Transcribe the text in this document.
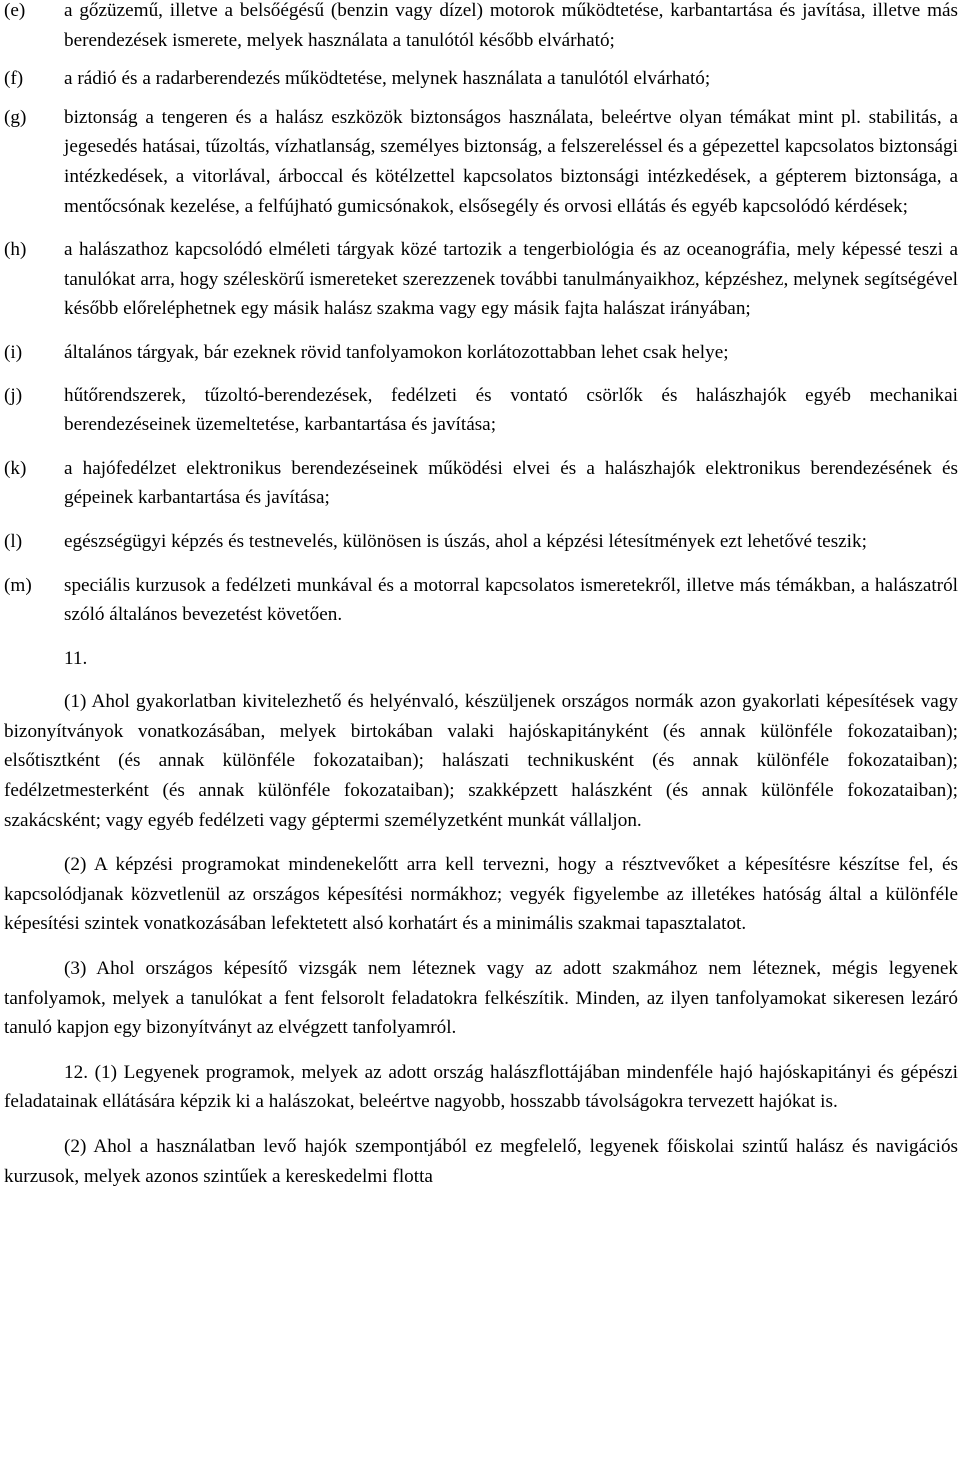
(e)	a gőzüzemű, illetve a belsőégésű (benzin vagy dízel) motorok működtetése, karbantartása és javítása, illetve más berendezések ismerete, melyek használata a tanulótól később elvárható;
(f)	a rádió és a radarberendezés működtetése, melynek használata a tanulótól elvárható;
(g)	biztonság a tengeren és a halász eszközök biztonságos használata, beleértve olyan témákat mint pl. stabilitás, a jegesedés hatásai, tűzoltás, vízhatlanság, személyes biztonság, a felszereléssel és a gépezettel kapcsolatos biztonsági intézkedések, a vitorlával, árboccal és kötélzettel kapcsolatos biztonsági intézkedések, a gépterem biztonsága, a mentőcsónak kezelése, a felfújható gumicsónakok, elsősegély és orvosi ellátás és egyéb kapcsolódó kérdések;
(h)	a halászathoz kapcsolódó elméleti tárgyak közé tartozik a tengerbiológia és az oceanográfia, mely képessé teszi a tanulókat arra, hogy széleskörű ismereteket szerezzenek további tanulmányaikhoz, képzéshez, melynek segítségével később előreléphetnek egy másik halász szakma vagy egy másik fajta halászat irányában;
(i)	általános tárgyak, bár ezeknek rövid tanfolyamokon korlátozottabban lehet csak helye;
(j)	hűtőrendszerek, tűzoltó-berendezések, fedélzeti és vontató csörlők és halászhajók egyéb mechanikai berendezéseinek üzemeltetése, karbantartása és javítása;
(k)	a hajófedélzet elektronikus berendezéseinek működési elvei és a halászhajók elektronikus berendezésének és gépeinek karbantartása és javítása;
(l)	egészségügyi képzés és testnevelés, különösen is úszás, ahol a képzési létesítmények ezt lehetővé teszik;
(m)	speciális kurzusok a fedélzeti munkával és a motorral kapcsolatos ismeretekről, illetve más témákban, a halászatról szóló általános bevezetést követően.
11.

(1) Ahol gyakorlatban kivitelezhető és helyénvaló, készüljenek országos normák azon gyakorlati képesítések vagy bizonyítványok vonatkozásában, melyek birtokában valaki hajóskapitányként (és annak különféle fokozataiban); elsőtisztként (és annak különféle fokozataiban); halászati technikusként (és annak különféle fokozataiban); fedélzetmesterként (és annak különféle fokozataiban); szakképzett halászként (és annak különféle fokozataiban); szakácsként; vagy egyéb fedélzeti vagy géptermi személyzetként munkát vállaljon.

(2) A képzési programokat mindenekelőtt arra kell tervezni, hogy a résztvevőket a képesítésre készítse fel, és kapcsolódjanak közvetlenül az országos képesítési normákhoz; vegyék figyelembe az illetékes hatóság által a különféle képesítési szintek vonatkozásában lefektetett alsó korhatárt és a minimális szakmai tapasztalatot.

(3) Ahol országos képesítő vizsgák nem léteznek vagy az adott szakmához nem léteznek, mégis legyenek tanfolyamok, melyek a tanulókat a fent felsorolt feladatokra felkészítik. Minden, az ilyen tanfolyamokat sikeresen lezáró tanuló kapjon egy bizonyítványt az elvégzett tanfolyamról.

12. (1) Legyenek programok, melyek az adott ország halászflottájában mindenféle hajó hajóskapitányi és gépészi feladatainak ellátására képzik ki a halászokat, beleértve nagyobb, hosszabb távolságokra tervezett hajókat is.

(2) Ahol a használatban levő hajók szempontjából ez megfelelő, legyenek főiskolai szintű halász és navigációs kurzusok, melyek azonos szintűek a kereskedelmi flotta
